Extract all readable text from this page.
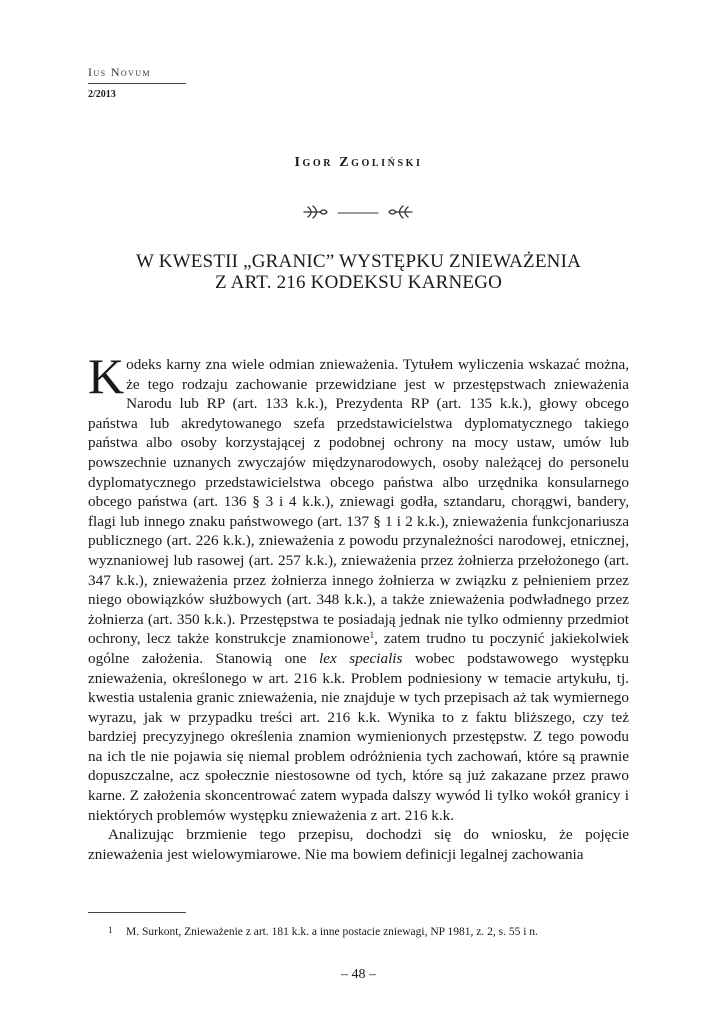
Ius Novum
2/2013
Igor Zgoliński
W KWESTII „GRANIC” WYSTĘPKU ZNIEWAŻENIA
Z ART. 216 KODEKSU KARNEGO

Kodeks karny zna wiele odmian znieważenia. Tytułem wyliczenia wskazać można, że tego rodzaju zachowanie przewidziane jest w przestępstwach znieważenia Narodu lub RP (art. 133 k.k.), Prezydenta RP (art. 135 k.k.), głowy obcego państwa lub akredytowanego szefa przedstawicielstwa dyplomatycznego takiego państwa albo osoby korzystającej z podobnej ochrony na mocy ustaw, umów lub powszechnie uznanych zwyczajów międzynarodowych, osoby należącej do personelu dyplomatycznego przedstawicielstwa obcego państwa albo urzędnika konsularnego obcego państwa (art. 136 § 3 i 4 k.k.), zniewagi godła, sztandaru, chorągwi, bandery, flagi lub innego znaku państwowego (art. 137 § 1 i 2 k.k.), znieważenia funkcjonariusza publicznego (art. 226 k.k.), znieważenia z powodu przynależności narodowej, etnicznej, wyznaniowej lub rasowej (art. 257 k.k.), znieważenia przez żołnierza przełożonego (art. 347 k.k.), znieważenia przez żołnierza innego żołnierza w związku z pełnieniem przez niego obowiązków służbowych (art. 348 k.k.), a także znieważenia podwładnego przez żołnierza (art. 350 k.k.). Przestępstwa te posiadają jednak nie tylko odmienny przedmiot ochrony, lecz także konstrukcje znamionowe$^1$, zatem trudno tu poczynić jakiekolwiek ogólne założenia. Stanowią one lex specialis wobec podstawowego występku znieważenia, określonego w art. 216 k.k. Problem podniesiony w temacie artykułu, tj. kwestia ustalenia granic znieważenia, nie znajduje w tych przepisach aż tak wymiernego wyrazu, jak w przypadku treści art. 216 k.k. Wynika to z faktu bliższego, czy też bardziej precyzyjnego określenia znamion wymienionych przestępstw. Z tego powodu na ich tle nie pojawia się niemal problem odróżnienia tych zachowań, które są prawnie dopuszczalne, acz społecznie niestosowne od tych, które są już zakazane przez prawo karne. Z założenia skoncentrować zatem wypada dalszy wywód li tylko wokół granicy i niektórych problemów występku znieważenia z art. 216 k.k.

Analizując brzmienie tego przepisu, dochodzi się do wniosku, że pojęcie znieważenia jest wielowymiarowe. Nie ma bowiem definicji legalnej zachowania

1 M. Surkont, Znieważenie z art. 181 k.k. a inne postacie zniewagi, NP 1981, z. 2, s. 55 i n.
– 48 –
